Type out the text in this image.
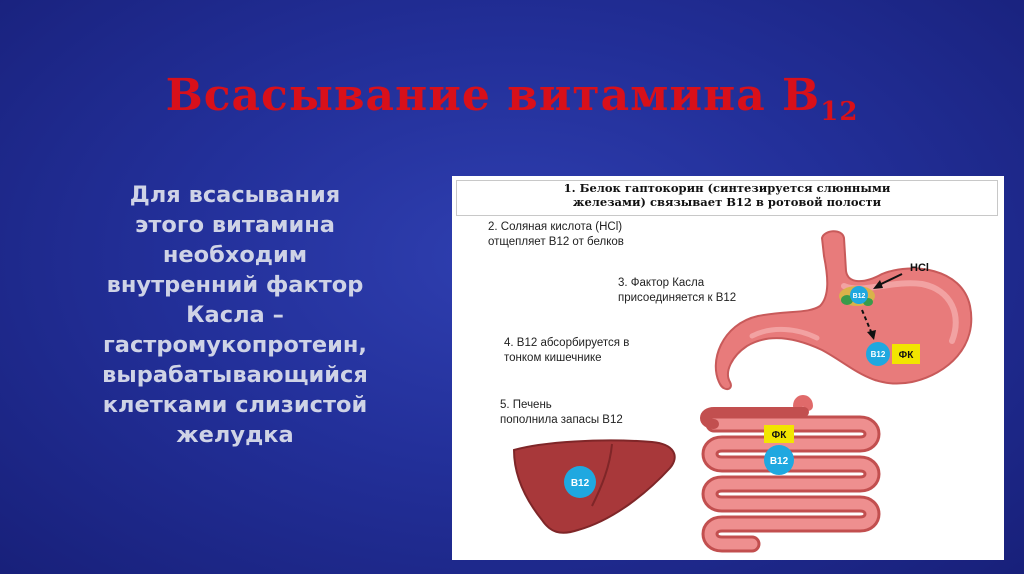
Всасывание витамина $В_{12}$
Для всасывания
этого витамина
необходим
внутренний фактор
Касла –
гастромукопротеин,
вырабатывающийся
клетками слизистой
желудка
HCl
B12
B12 ФК
ФК
B12
B12
1. Белок гаптокорин (синтезируется слюнными
железами) связывает В12 в ротовой полости
2. Соляная кислота (HCl)
отщепляет B12 от белков
3. Фактор Касла
присоединяется к B12
4. B12 абсорбируется в
тонком кишечнике
5. Печень
пополнила запасы В12
